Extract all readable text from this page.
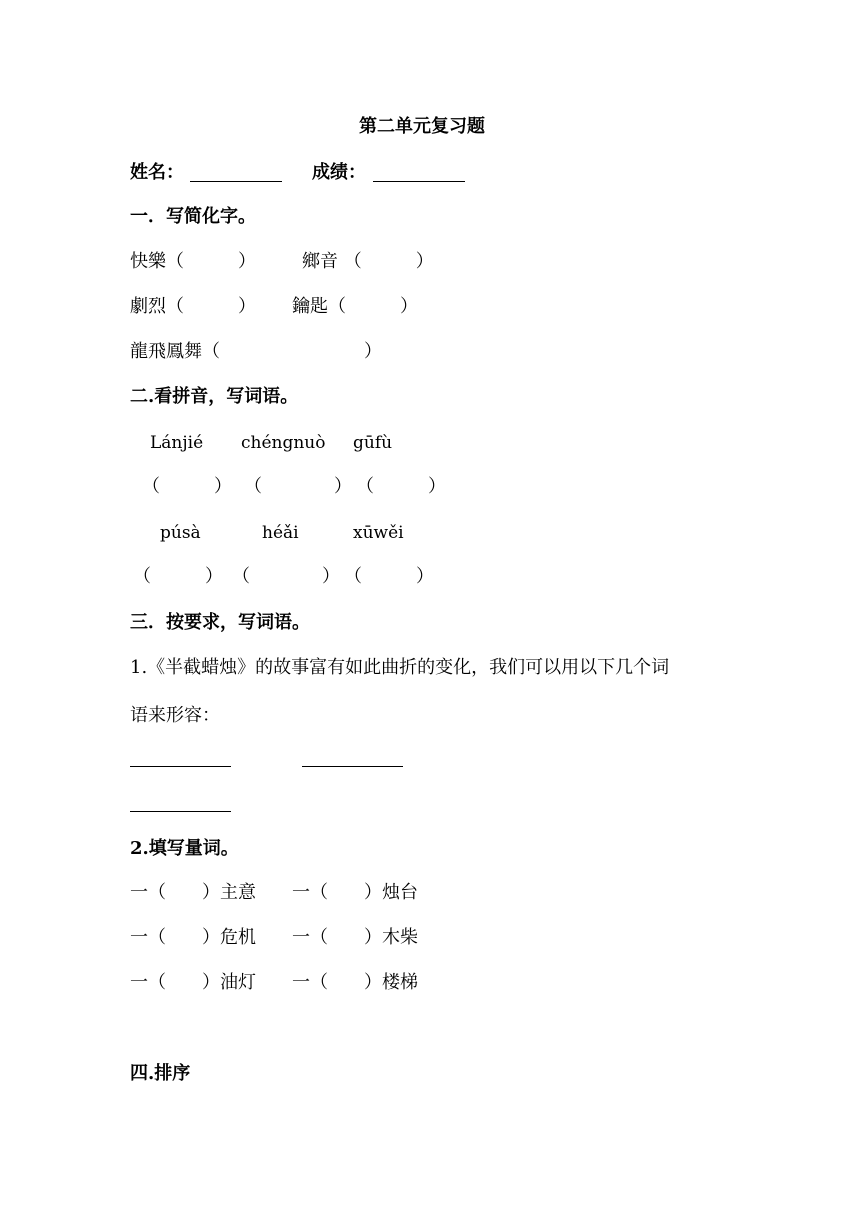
第二单元复习题
姓名：	成绩：
一．写简化字。
快樂（　　　）	鄉音 （　　　）
劇烈（　　　） 鑰匙（　　　）
龍飛鳳舞（　　　　　　　　）
二.看拼音，写词语。
Lánjié chéngnuò gūfù
（　　　） （　　　　） （　　　）
púsà	héǎi	xūwěi
（　　　） （　　　　） （　　　）
三．按要求，写词语。
1.《半截蜡烛》的故事富有如此曲折的变化，我们可以用以下几个词
语来形容：
2.填写量词。
一（　　）主意 一（　　）烛台
一（　　）危机 一（　　）木柴
一（　　）油灯 一（　　）楼梯
四.排序
